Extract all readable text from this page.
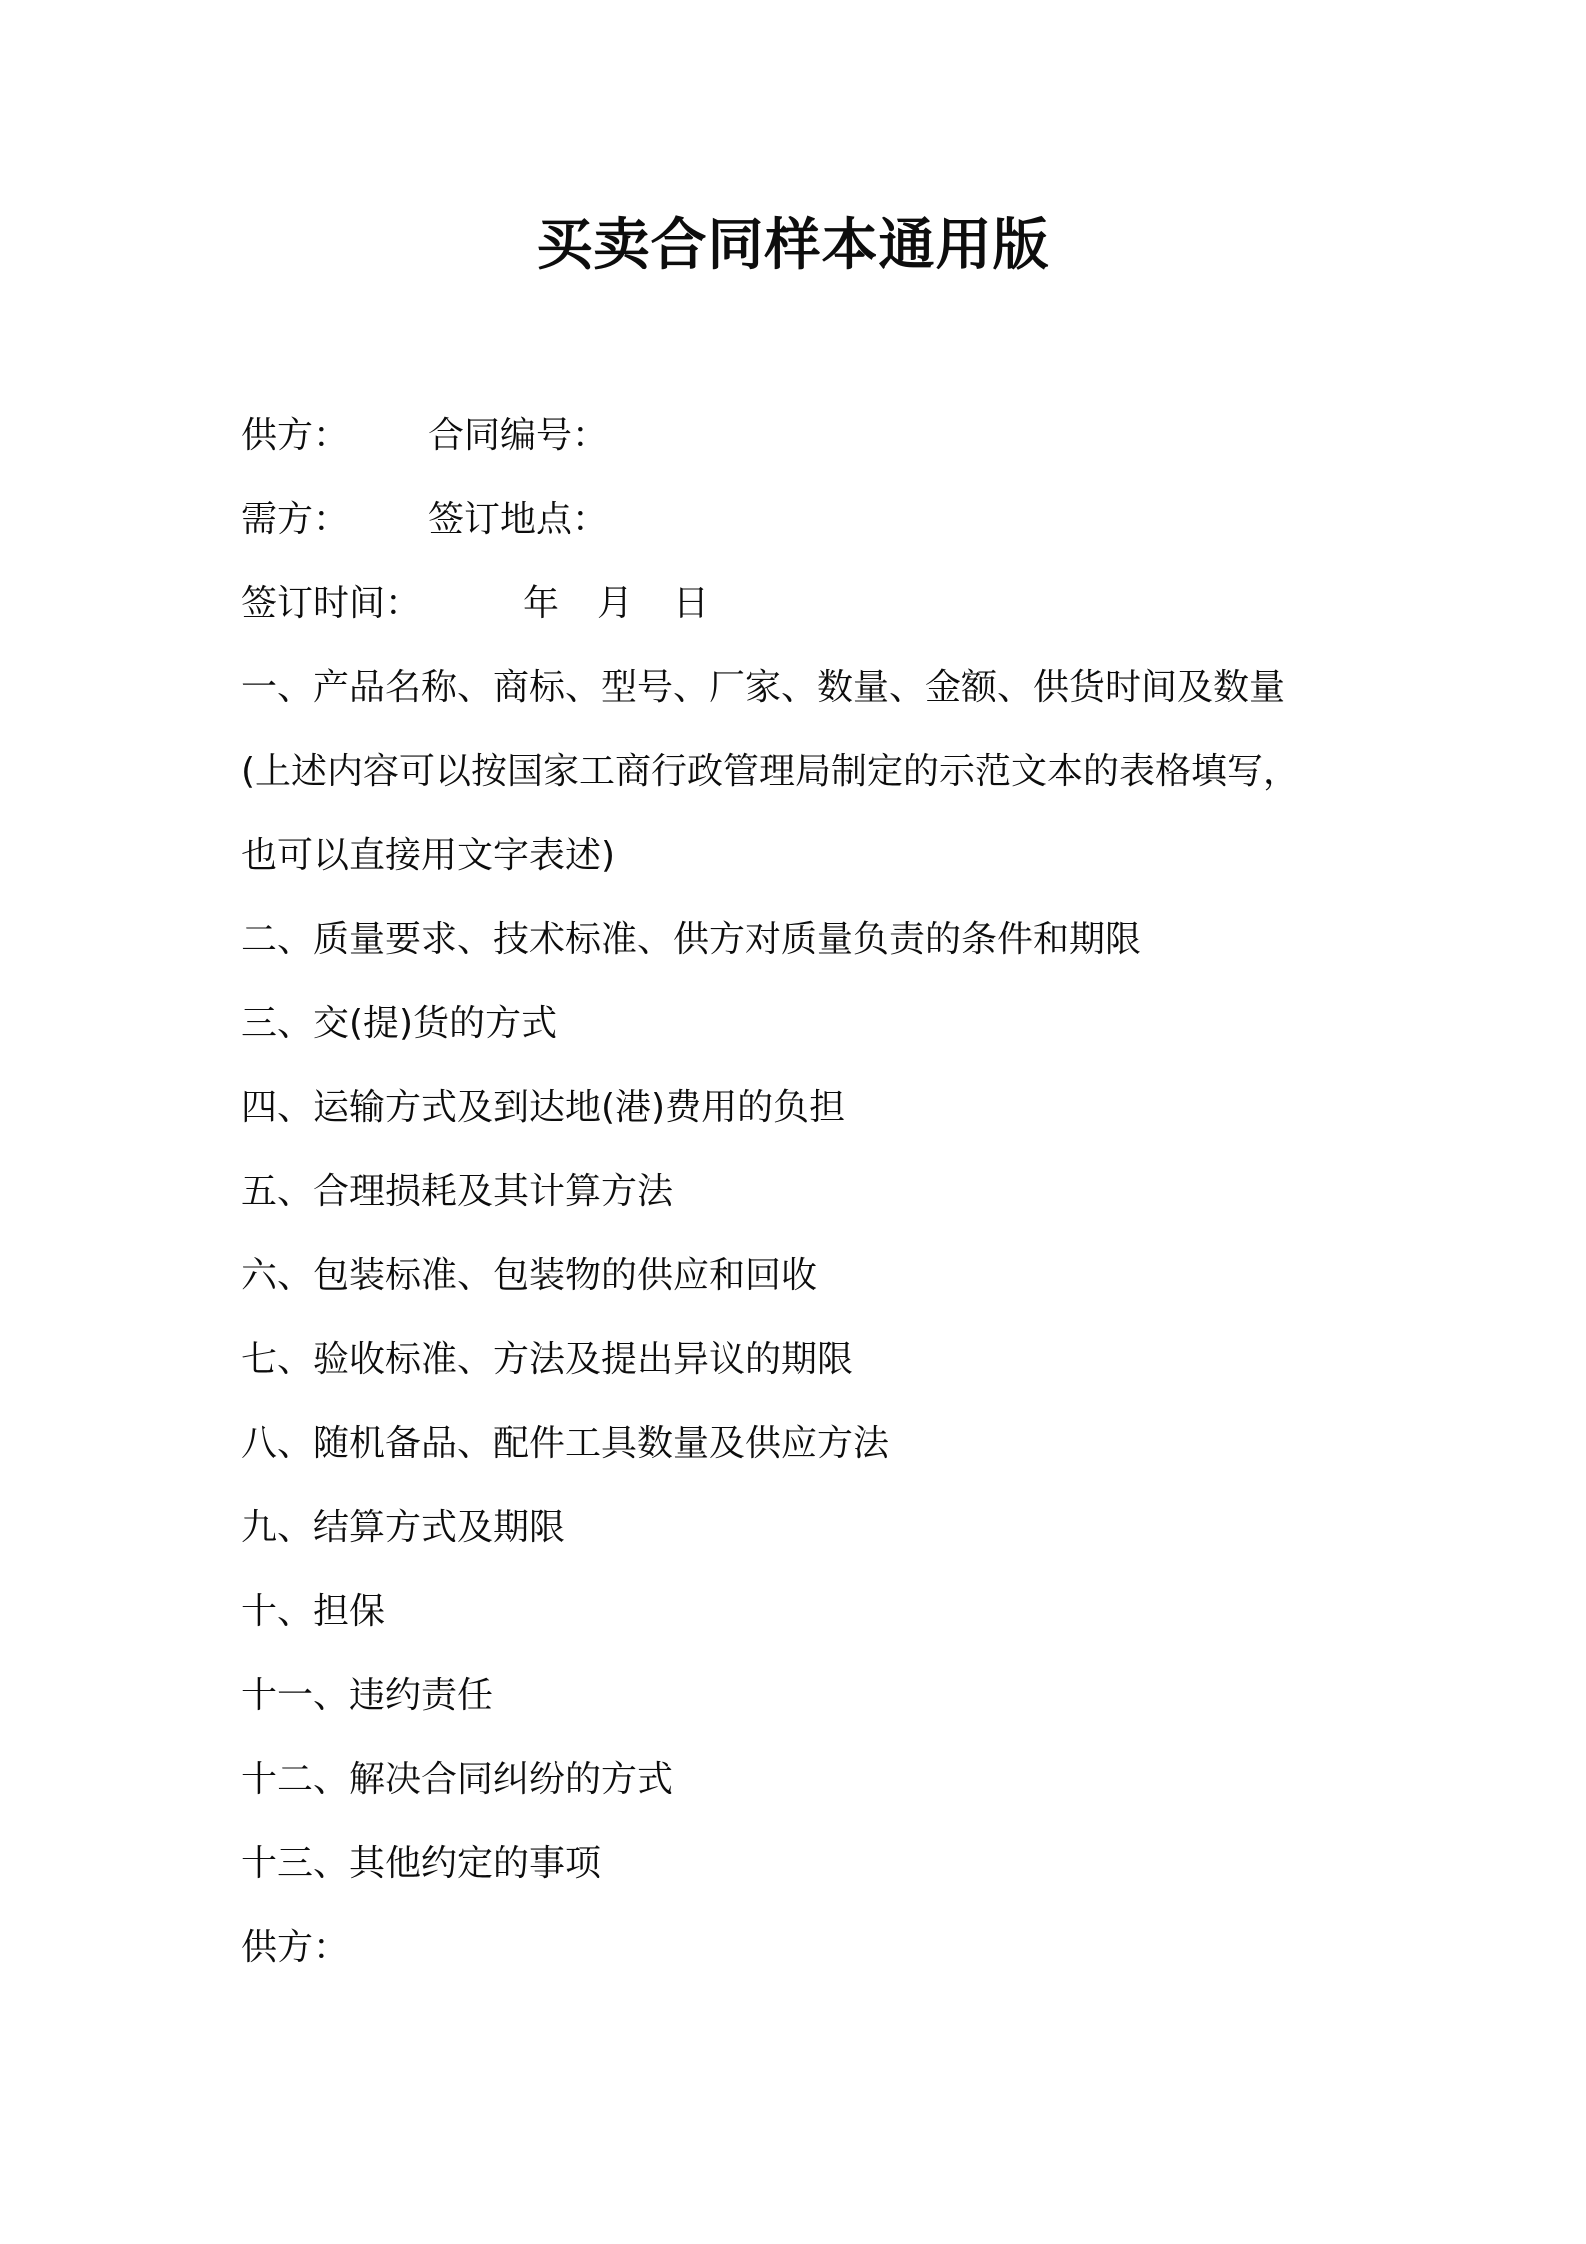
买卖合同样本通用版
供方： 合同编号：
需方： 签订地点：
签订时间：	年 月 日
一、产品名称、商标、型号、厂家、数量、金额、供货时间及数量
(上述内容可以按国家工商行政管理局制定的示范文本的表格填写，
也可以直接用文字表述)
二、质量要求、技术标准、供方对质量负责的条件和期限
三、交(提)货的方式
四、运输方式及到达地(港)费用的负担
五、合理损耗及其计算方法
六、包装标准、包装物的供应和回收
七、验收标准、方法及提出异议的期限
八、随机备品、配件工具数量及供应方法
九、结算方式及期限
十、担保
十一、违约责任
十二、解决合同纠纷的方式
十三、其他约定的事项
供方：
